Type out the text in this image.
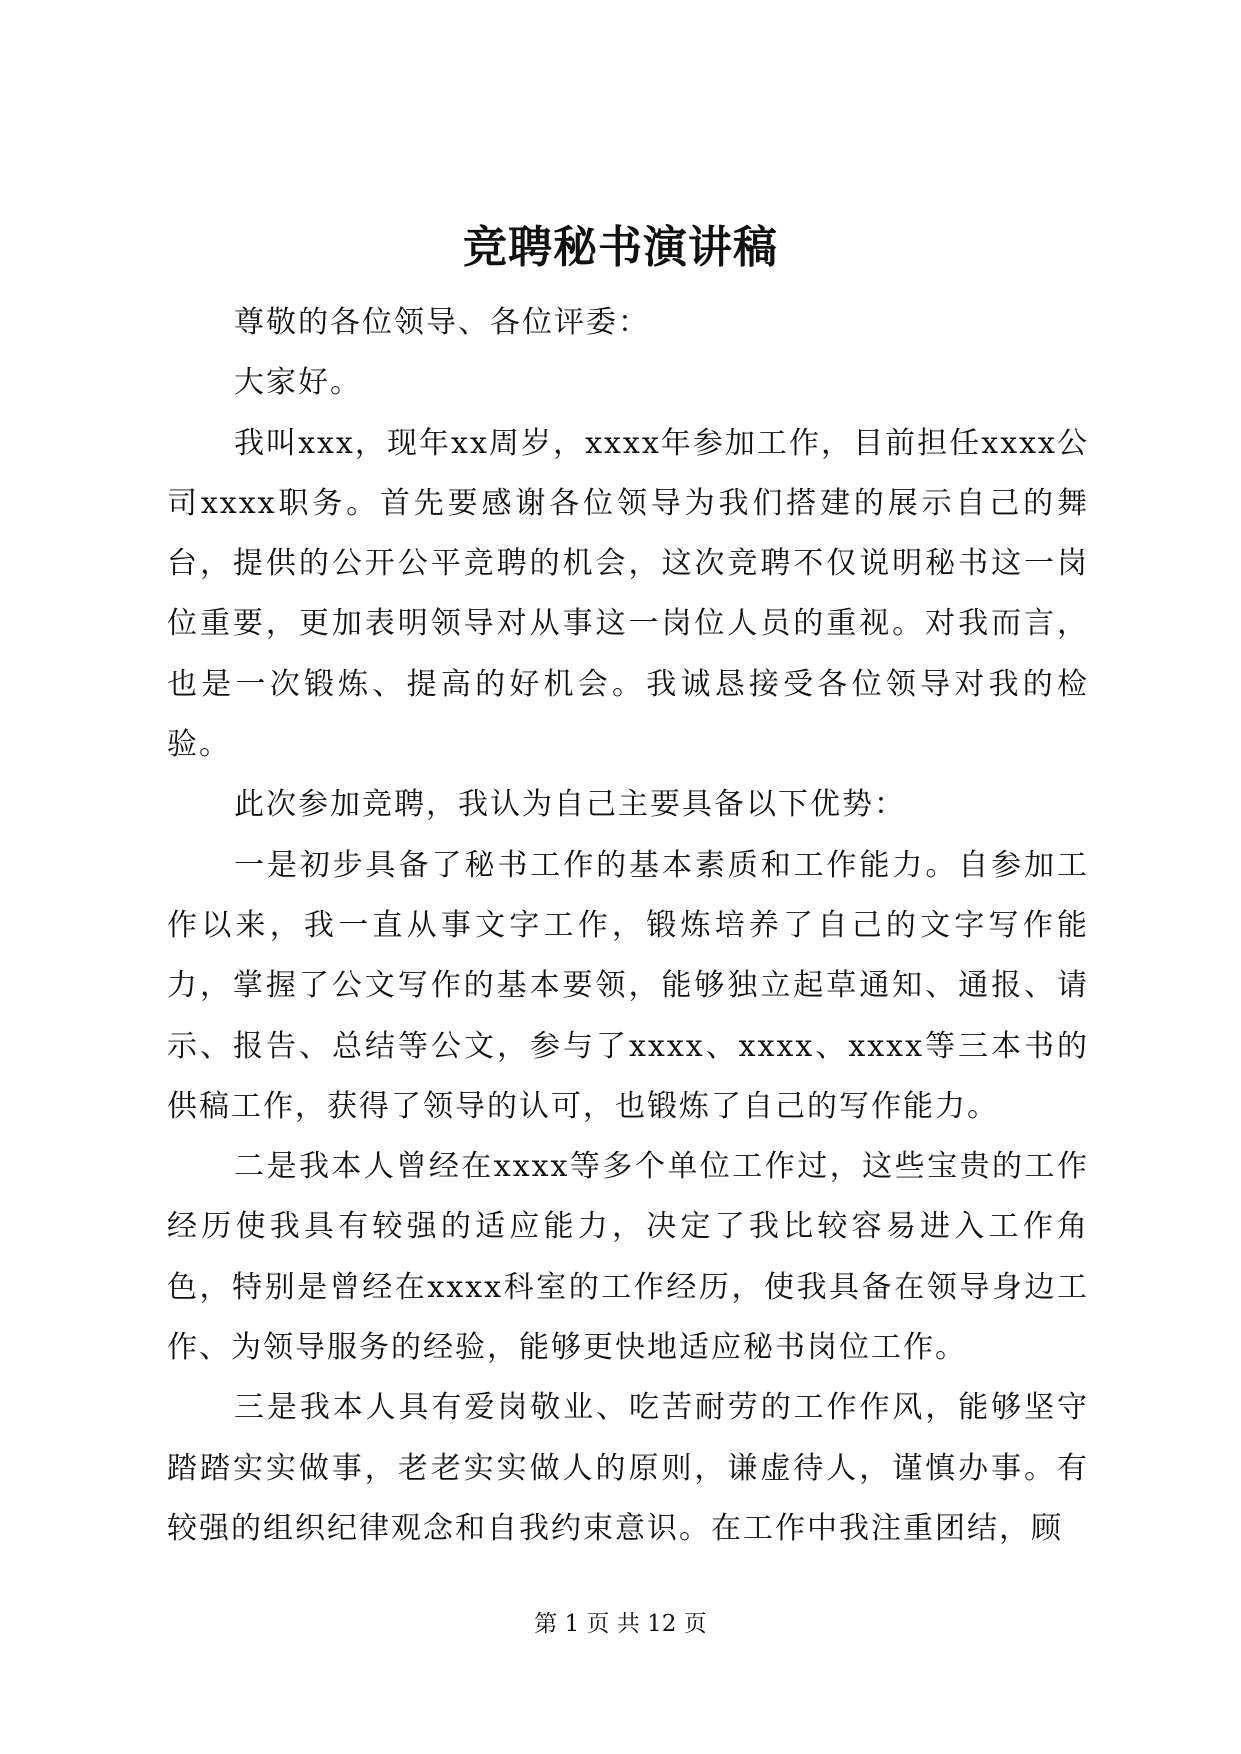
竞聘秘书演讲稿

尊敬的各位领导、各位评委：

大家好。

我叫xxx，现年xx周岁，xxxx年参加工作，目前担任xxxx公司xxxx职务。首先要感谢各位领导为我们搭建的展示自己的舞台，提供的公开公平竞聘的机会，这次竞聘不仅说明秘书这一岗位重要，更加表明领导对从事这一岗位人员的重视。对我而言，也是一次锻炼、提高的好机会。我诚恳接受各位领导对我的检验。

此次参加竞聘，我认为自己主要具备以下优势：

一是初步具备了秘书工作的基本素质和工作能力。自参加工作以来，我一直从事文字工作，锻炼培养了自己的文字写作能力，掌握了公文写作的基本要领，能够独立起草通知、通报、请示、报告、总结等公文，参与了xxxx、xxxx、xxxx等三本书的供稿工作，获得了领导的认可，也锻炼了自己的写作能力。

二是我本人曾经在xxxx等多个单位工作过，这些宝贵的工作经历使我具有较强的适应能力，决定了我比较容易进入工作角色，特别是曾经在xxxx科室的工作经历，使我具备在领导身边工作、为领导服务的经验，能够更快地适应秘书岗位工作。

三是我本人具有爱岗敬业、吃苦耐劳的工作作风，能够坚守踏踏实实做事，老老实实做人的原则，谦虚待人，谨慎办事。有较强的组织纪律观念和自我约束意识。在工作中我注重团结，顾

第 1 页 共 12 页
